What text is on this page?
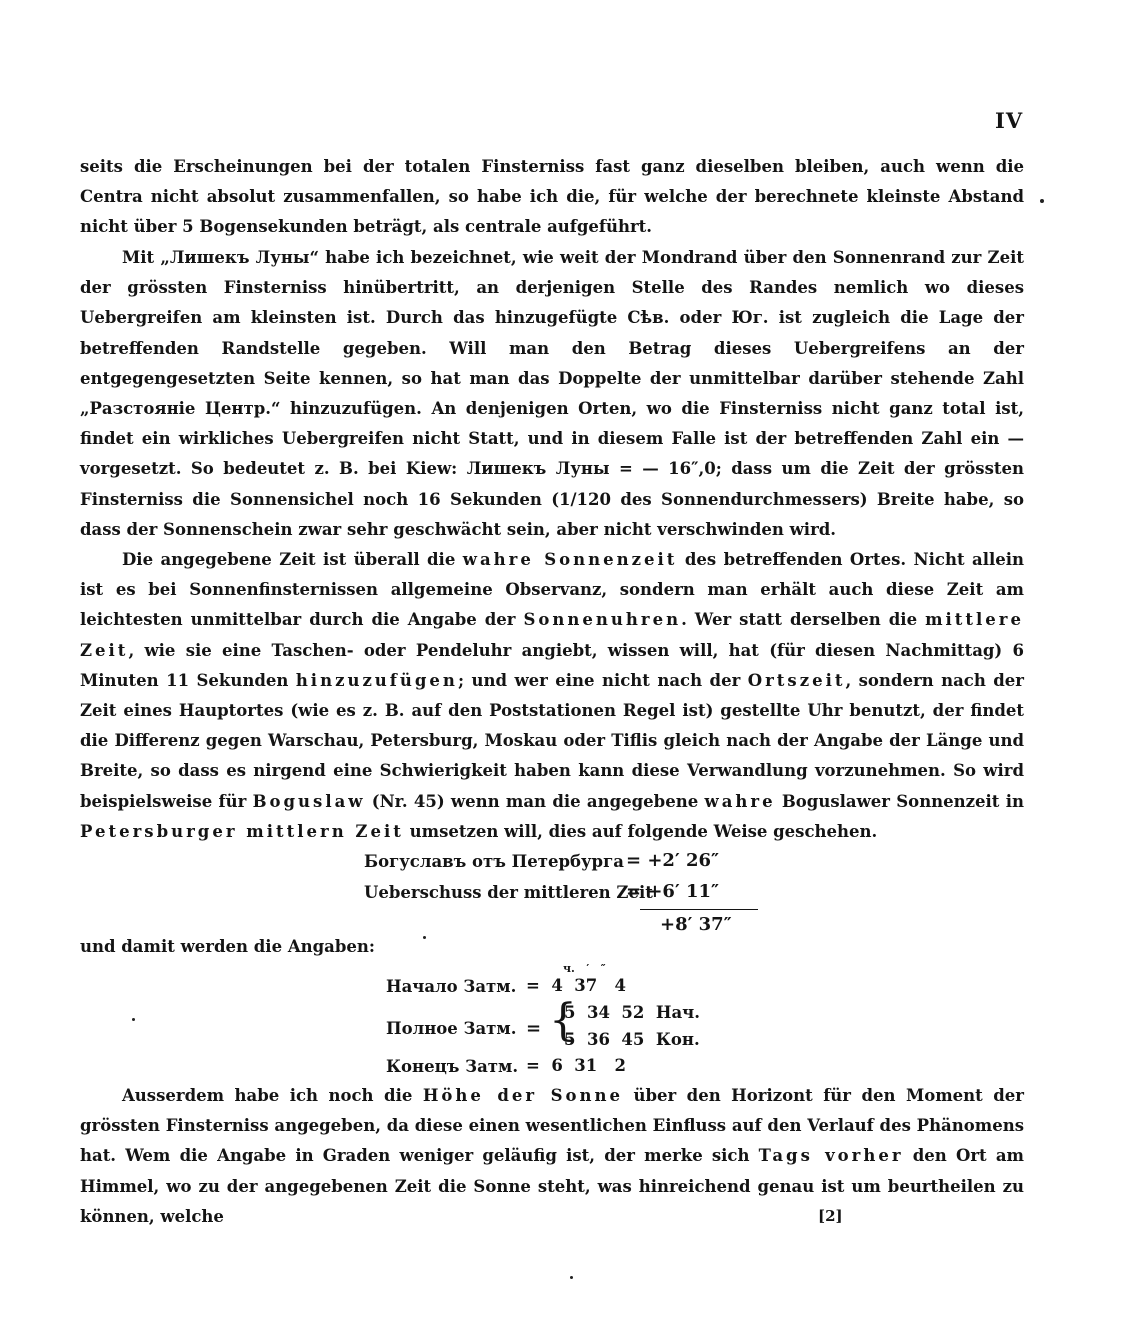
IV

seits die Erscheinungen bei der totalen Finsterniss fast ganz dieselben bleiben, auch wenn die Centra nicht absolut zusammenfallen, so habe ich die, für welche der berechnete kleinste Abstand nicht über 5 Bogensekunden beträgt, als centrale aufgeführt.

Mit „Лишекъ Луны“ habe ich bezeichnet, wie weit der Mondrand über den Sonnenrand zur Zeit der grössten Finsterniss hinübertritt, an derjenigen Stelle des Randes nemlich wo dieses Uebergreifen am kleinsten ist. Durch das hinzugefügte Сѣв. oder Юг. ist zugleich die Lage der betreffenden Randstelle gegeben. Will man den Betrag dieses Uebergreifens an der entgegengesetzten Seite kennen, so hat man das Doppelte der unmittelbar darüber stehende Zahl „Разстояніе Центр.“ hinzuzufügen. An denjenigen Orten, wo die Finsterniss nicht ganz total ist, findet ein wirkliches Uebergreifen nicht Statt, und in diesem Falle ist der betreffenden Zahl ein — vorgesetzt. So bedeutet z. B. bei Kiew: Лишекъ Луны = — 16″,0; dass um die Zeit der grössten Finsterniss die Sonnensichel noch 16 Sekunden (1/120 des Sonnendurchmessers) Breite habe, so dass der Sonnenschein zwar sehr geschwächt sein, aber nicht verschwinden wird.

Die angegebene Zeit ist überall die wahre Sonnenzeit des betreffenden Ortes. Nicht allein ist es bei Sonnenfinsternissen allgemeine Observanz, sondern man erhält auch diese Zeit am leichtesten unmittelbar durch die Angabe der Sonnenuhren. Wer statt derselben die mittlere Zeit, wie sie eine Taschen- oder Pendeluhr angiebt, wissen will, hat (für diesen Nachmittag) 6 Minuten 11 Sekunden hinzuzufügen; und wer eine nicht nach der Ortszeit, sondern nach der Zeit eines Hauptortes (wie es z. B. auf den Poststationen Regel ist) gestellte Uhr benutzt, der findet die Differenz gegen Warschau, Petersburg, Moskau oder Tiflis gleich nach der Angabe der Länge und Breite, so dass es nirgend eine Schwierigkeit haben kann diese Verwandlung vorzunehmen. So wird beispielsweise für Boguslaw (Nr. 45) wenn man die angegebene wahre Boguslawer Sonnenzeit in Petersburger mittlern Zeit umsetzen will, dies auf folgende Weise geschehen.

Богуславъ отъ Петербурга = +2′ 26″
Ueberschuss der mittleren Zeit
= +6′ 11″
+8′ 37″
und damit werden die Angaben:
ч.   ′   ″
Начало Затм. =  4  37   4
Полное Затм. = {
5  34  52  Нач.
5  36  45  Кон.
Конецъ Затм. =  6  31   2

Ausserdem habe ich noch die Höhe der Sonne über den Horizont für den Moment der grössten Finsterniss angegeben, da diese einen wesentlichen Einfluss auf den Verlauf des Phänomens hat. Wem die Angabe in Graden weniger geläufig ist, der merke sich Tags vorher den Ort am Himmel, wo zu der angegebenen Zeit die Sonne steht, was hinreichend genau ist um beurtheilen zu können, welche	[2]
